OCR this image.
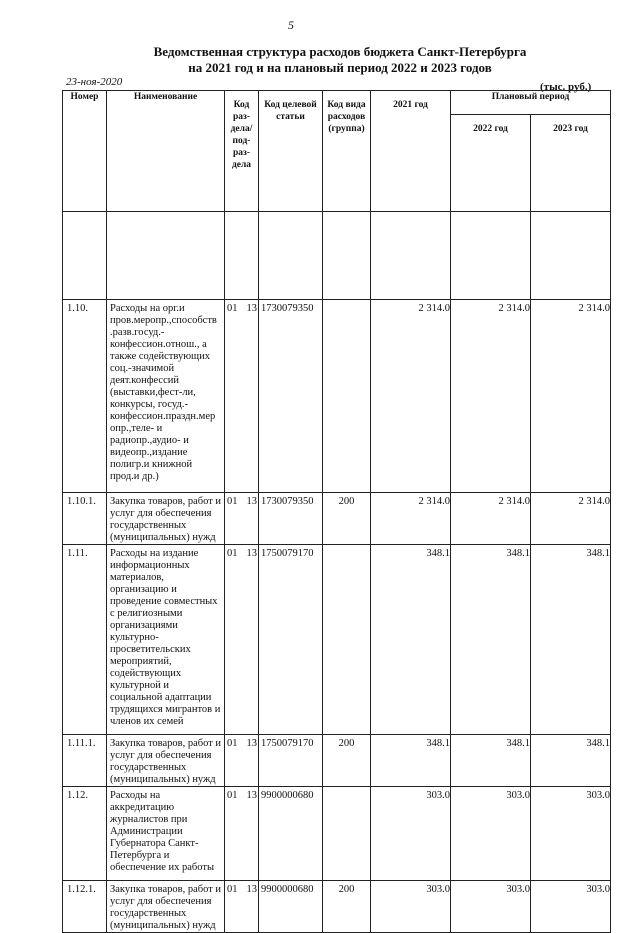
5
Ведомственная структура расходов бюджета Санкт-Петербурга
на 2021 год и на плановый период 2022 и 2023 годов
23-ноя-2020	(тыс. руб.)
Номер	Наименование	Код раз- дела/ под- раз- дела	Код целевой статьи	Код вида расходов (группа)	2021 год	Плановый период	
						2022 год	2023 год

1.10.	Расходы на орг.и пров.меропр.,способств .разв.госуд.-конфессион.отнош., а также содействующих соц.-значимой деят.конфессий (выставки,фест-ли, конкурсы, госуд.-конфессион.праздн.мер опр.,теле- и радиопр.,аудио- и видеопр.,издание полигр.и книжной прод.и др.)	01 13	1730079350		2 314.0	2 314.0	2 314.0
1.10.1.	Закупка товаров, работ и услуг для обеспечения государственных (муниципальных) нужд	01 13	1730079350	200	2 314.0	2 314.0	2 314.0
1.11.	Расходы на издание информационных материалов, организацию и проведение совместных с религиозными организациями культурно-просветительских мероприятий, содействующих культурной и социальной адаптации трудящихся мигрантов и членов их семей	01 13	1750079170		348.1	348.1	348.1
1.11.1.	Закупка товаров, работ и услуг для обеспечения государственных (муниципальных) нужд	01 13	1750079170	200	348.1	348.1	348.1
1.12.	Расходы на аккредитацию журналистов при Администрации Губернатора Санкт-Петербурга и обеспечение их работы	01 13	9900000680		303.0	303.0	303.0
1.12.1.	Закупка товаров, работ и услуг для обеспечения государственных (муниципальных) нужд	01 13	9900000680	200	303.0	303.0	303.0
